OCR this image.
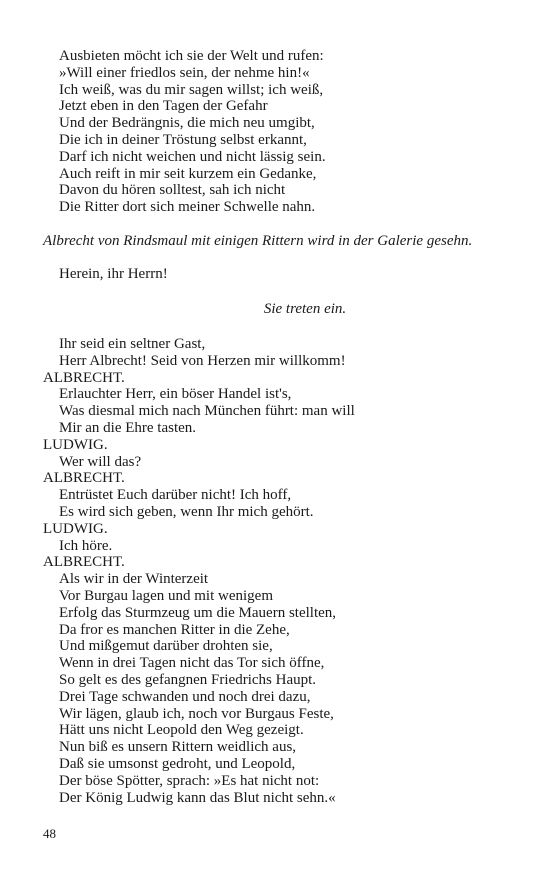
Ausbieten möcht ich sie der Welt und rufen:
»Will einer friedlos sein, der nehme hin!«
Ich weiß, was du mir sagen willst; ich weiß,
Jetzt eben in den Tagen der Gefahr
Und der Bedrängnis, die mich neu umgibt,
Die ich in deiner Tröstung selbst erkannt,
Darf ich nicht weichen und nicht lässig sein.
Auch reift in mir seit kurzem ein Gedanke,
Davon du hören solltest, sah ich nicht
Die Ritter dort sich meiner Schwelle nahn.
Albrecht von Rindsmaul mit einigen Rittern wird in der Galerie gesehn.
Herein, ihr Herrn!
Sie treten ein.
Ihr seid ein seltner Gast,
Herr Albrecht! Seid von Herzen mir willkomm!
ALBRECHT.
Erlauchter Herr, ein böser Handel ist's,
Was diesmal mich nach München führt: man will
Mir an die Ehre tasten.
LUDWIG.
Wer will das?
ALBRECHT.
Entrüstet Euch darüber nicht! Ich hoff,
Es wird sich geben, wenn Ihr mich gehört.
LUDWIG.
Ich höre.
ALBRECHT.
Als wir in der Winterzeit
Vor Burgau lagen und mit wenigem
Erfolg das Sturmzeug um die Mauern stellten,
Da fror es manchen Ritter in die Zehe,
Und mißgemut darüber drohten sie,
Wenn in drei Tagen nicht das Tor sich öffne,
So gelt es des gefangnen Friedrichs Haupt.
Drei Tage schwanden und noch drei dazu,
Wir lägen, glaub ich, noch vor Burgaus Feste,
Hätt uns nicht Leopold den Weg gezeigt.
Nun biß es unsern Rittern weidlich aus,
Daß sie umsonst gedroht, und Leopold,
Der böse Spötter, sprach: »Es hat nicht not:
Der König Ludwig kann das Blut nicht sehn.«
48
